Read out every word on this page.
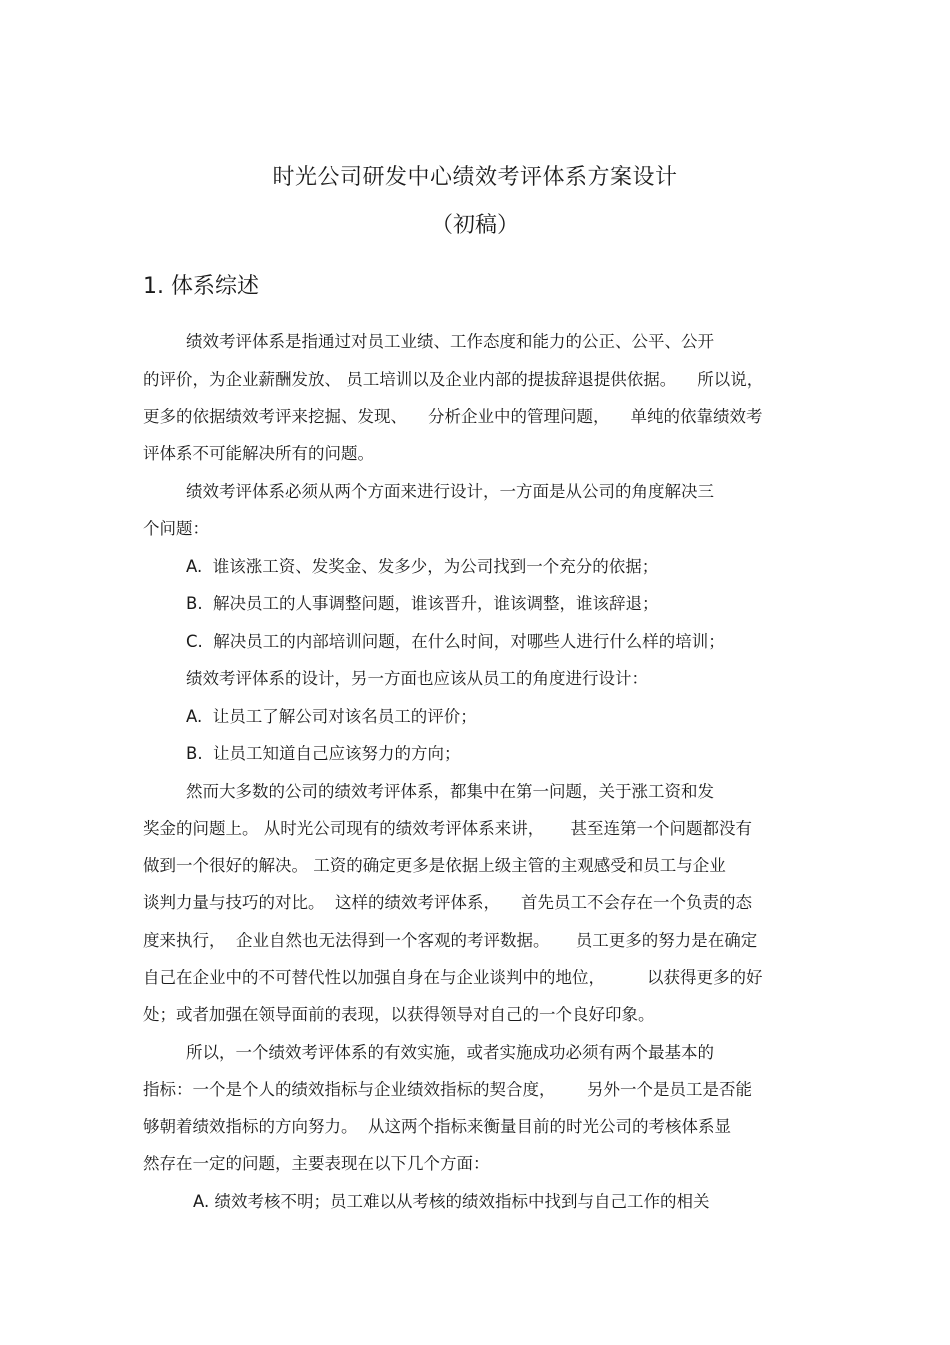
时光公司研发中心绩效考评体系方案设计
（初稿）
1. 体系综述
绩效考评体系是指通过对员工业绩、工作态度和能力的公正、公平、公开
的评价，为企业薪酬发放、 员工培训以及企业内部的提拔辞退提供依据。    所以说，
更多的依据绩效考评来挖掘、发现、    分析企业中的管理问题，    单纯的依靠绩效考
评体系不可能解决所有的问题。
绩效考评体系必须从两个方面来进行设计，一方面是从公司的角度解决三
个问题：
A.  谁该涨工资、发奖金、发多少，为公司找到一个充分的依据；
B.  解决员工的人事调整问题，谁该晋升，谁该调整，谁该辞退；
C.  解决员工的内部培训问题，在什么时间，对哪些人进行什么样的培训；
绩效考评体系的设计，另一方面也应该从员工的角度进行设计：
A.  让员工了解公司对该名员工的评价；
B.  让员工知道自己应该努力的方向；
然而大多数的公司的绩效考评体系，都集中在第一问题，关于涨工资和发
奖金的问题上。 从时光公司现有的绩效考评体系来讲，     甚至连第一个问题都没有
做到一个很好的解决。 工资的确定更多是依据上级主管的主观感受和员工与企业
谈判力量与技巧的对比。  这样的绩效考评体系，    首先员工不会存在一个负责的态
度来执行，  企业自然也无法得到一个客观的考评数据。     员工更多的努力是在确定
自己在企业中的不可替代性以加强自身在与企业谈判中的地位，        以获得更多的好
处；或者加强在领导面前的表现，以获得领导对自己的一个良好印象。
所以，一个绩效考评体系的有效实施，或者实施成功必须有两个最基本的
指标：一个是个人的绩效指标与企业绩效指标的契合度，      另外一个是员工是否能
够朝着绩效指标的方向努力。  从这两个指标来衡量目前的时光公司的考核体系显
然存在一定的问题，主要表现在以下几个方面：
A. 绩效考核不明；员工难以从考核的绩效指标中找到与自己工作的相关
